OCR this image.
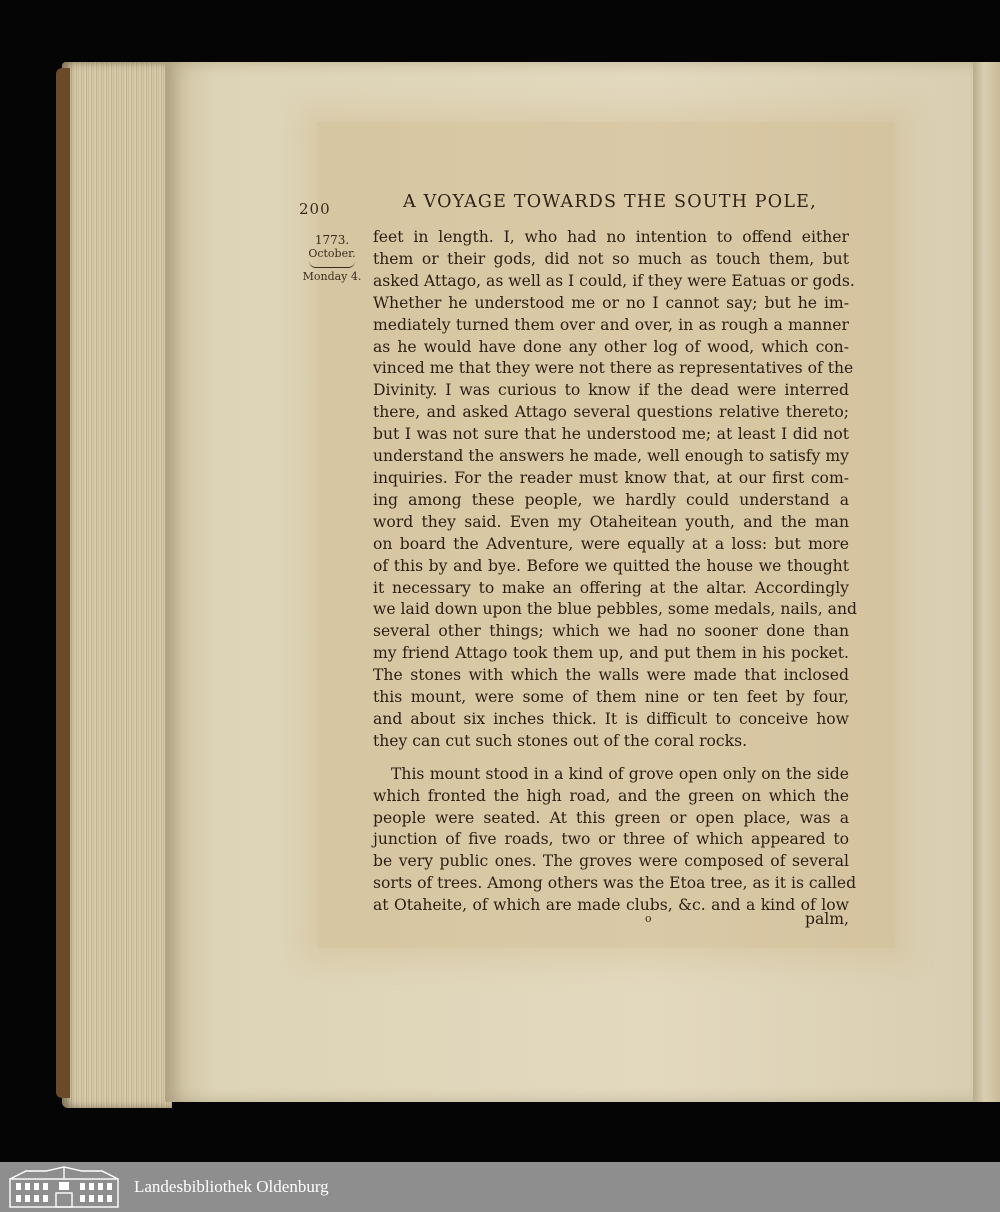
200	A VOYAGE TOWARDS THE SOUTH POLE,
1773.
October.
Monday 4.
feet in length. I, who had no intention to offend either
them or their gods, did not so much as touch them, but
asked Attago, as well as I could, if they were Eatuas or gods.
Whether he understood me or no I cannot say; but he im-
mediately turned them over and over, in as rough a manner
as he would have done any other log of wood, which con-
vinced me that they were not there as representatives of the
Divinity. I was curious to know if the dead were interred
there, and asked Attago several questions relative thereto;
but I was not sure that he understood me; at least I did not
understand the answers he made, well enough to satisfy my
inquiries. For the reader must know that, at our first com-
ing among these people, we hardly could understand a
word they said. Even my Otaheitean youth, and the man
on board the Adventure, were equally at a loss: but more
of this by and bye. Before we quitted the house we thought
it necessary to make an offering at the altar. Accordingly
we laid down upon the blue pebbles, some medals, nails, and
several other things; which we had no sooner done than
my friend Attago took them up, and put them in his pocket.
The stones with which the walls were made that inclosed
this mount, were some of them nine or ten feet by four,
and about six inches thick. It is difficult to conceive how
they can cut such stones out of the coral rocks.
This mount stood in a kind of grove open only on the side
which fronted the high road, and the green on which the
people were seated. At this green or open place, was a
junction of five roads, two or three of which appeared to
be very public ones. The groves were composed of several
sorts of trees. Among others was the Etoa tree, as it is called
at Otaheite, of which are made clubs, &c. and a kind of low
o	palm,
Landesbibliothek Oldenburg
